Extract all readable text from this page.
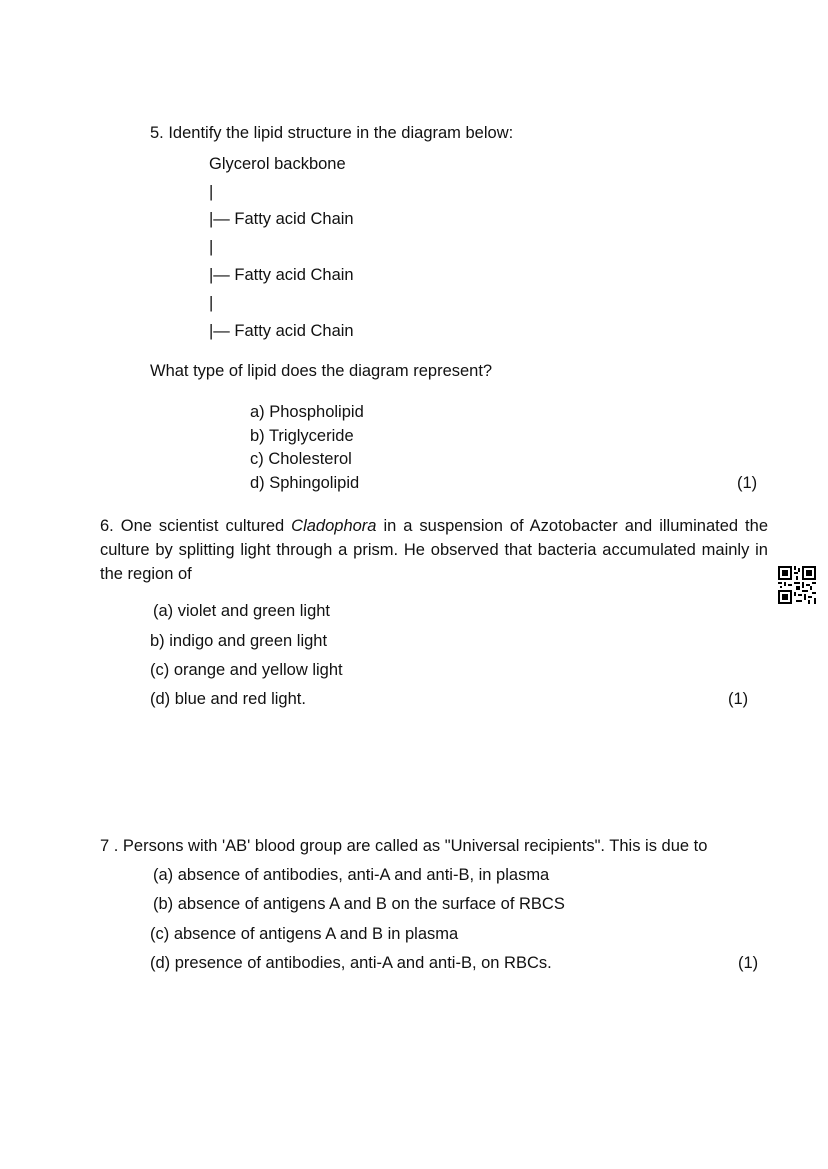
5. Identify the lipid structure in the diagram below:
Glycerol backbone
|
|— Fatty acid Chain
|
|— Fatty acid Chain
|
|— Fatty acid Chain
What type of lipid does the diagram represent?
a) Phospholipid
b) Triglyceride
c) Cholesterol
d) Sphingolipid	(1)
6. One scientist cultured Cladophora in a suspension of Azotobacter and illuminated the culture by splitting light through a prism. He observed that bacteria accumulated mainly in the region of
(a) violet and green light
b) indigo and green light
(c) orange and yellow light
(d) blue and red light.	(1)
7 . Persons with 'AB' blood group are called as "Universal recipients". This is due to
(a) absence of antibodies, anti-A and anti-B, in plasma
(b) absence of antigens A and B on the surface of RBCS
(c) absence of antigens A and B in plasma
(d) presence of antibodies, anti-A and anti-B, on RBCs.	(1)
